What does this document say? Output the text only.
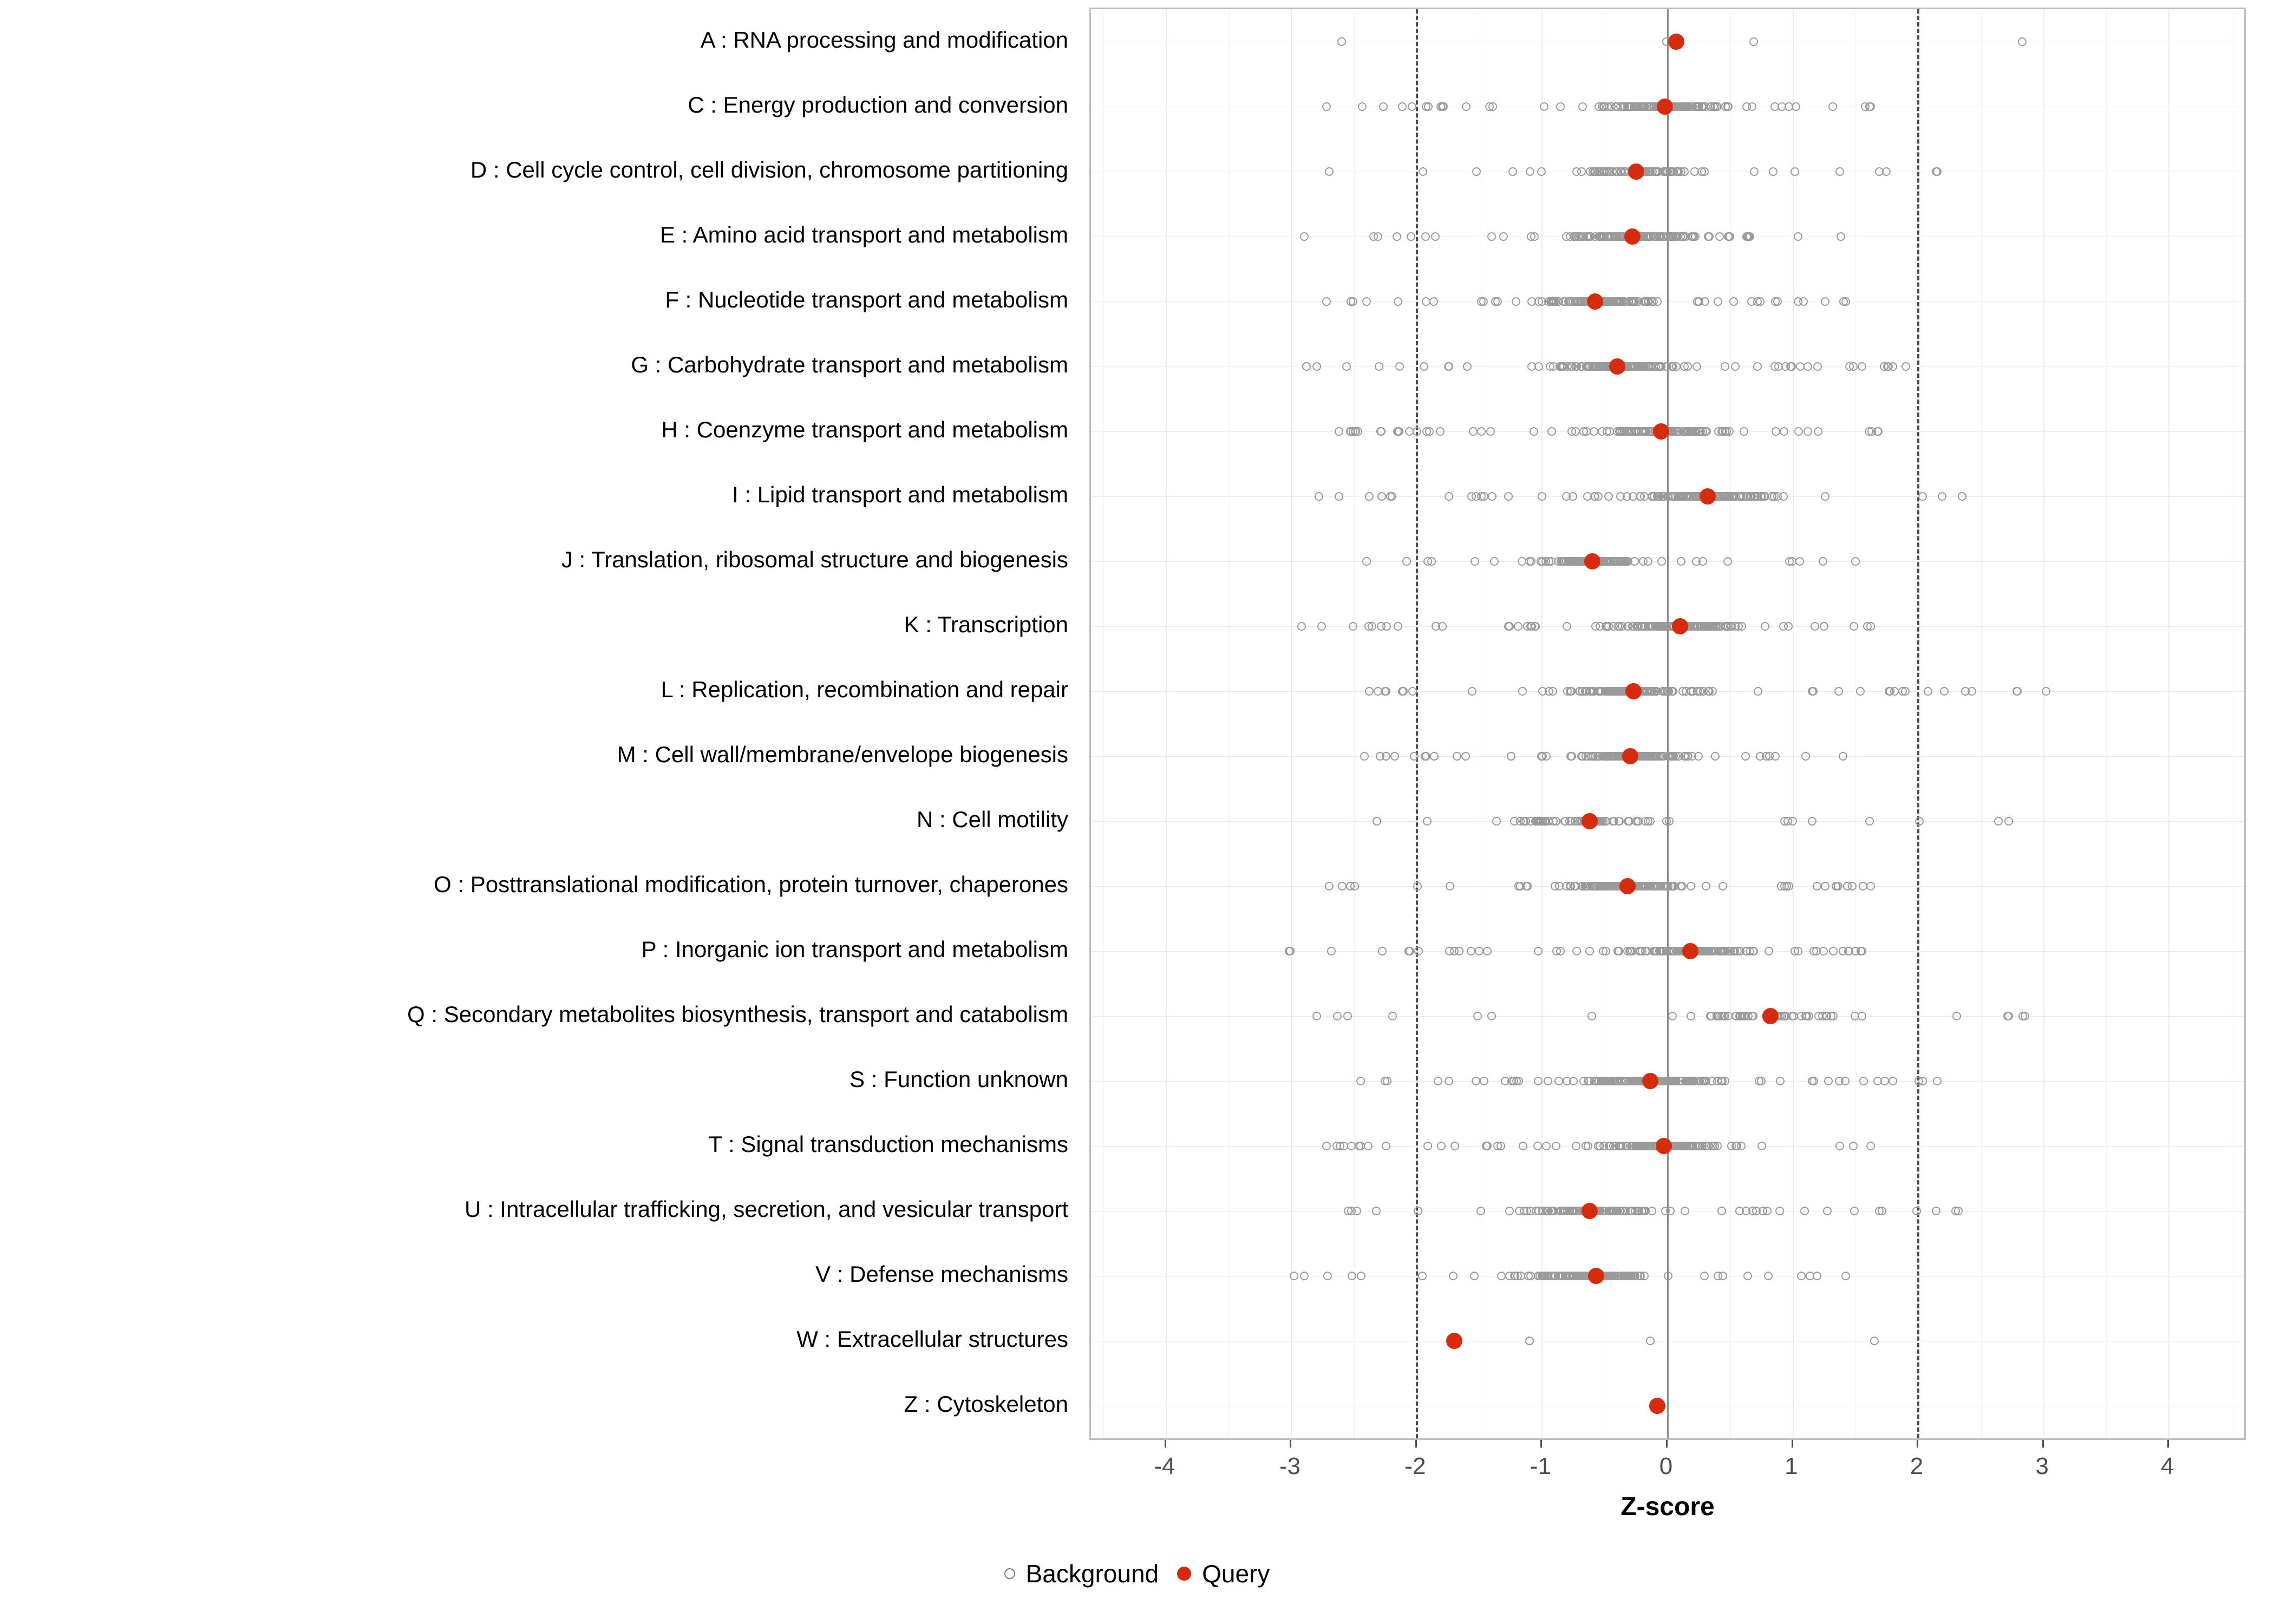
A : RNA processing and modification
C : Energy production and conversion
D : Cell cycle control, cell division, chromosome partitioning
E : Amino acid transport and metabolism
F : Nucleotide transport and metabolism
G : Carbohydrate transport and metabolism
H : Coenzyme transport and metabolism
I : Lipid transport and metabolism
J : Translation, ribosomal structure and biogenesis
K : Transcription
L : Replication, recombination and repair
M : Cell wall/membrane/envelope biogenesis
N : Cell motility
O : Posttranslational modification, protein turnover, chaperones
P : Inorganic ion transport and metabolism
Q : Secondary metabolites biosynthesis, transport and catabolism
S : Function unknown
T : Signal transduction mechanisms
U : Intracellular trafficking, secretion, and vesicular transport
V : Defense mechanisms
W : Extracellular structures
Z : Cytoskeleton
Z-score
Background Query
-4	-3	-2	-1	0	1	2	3	4
